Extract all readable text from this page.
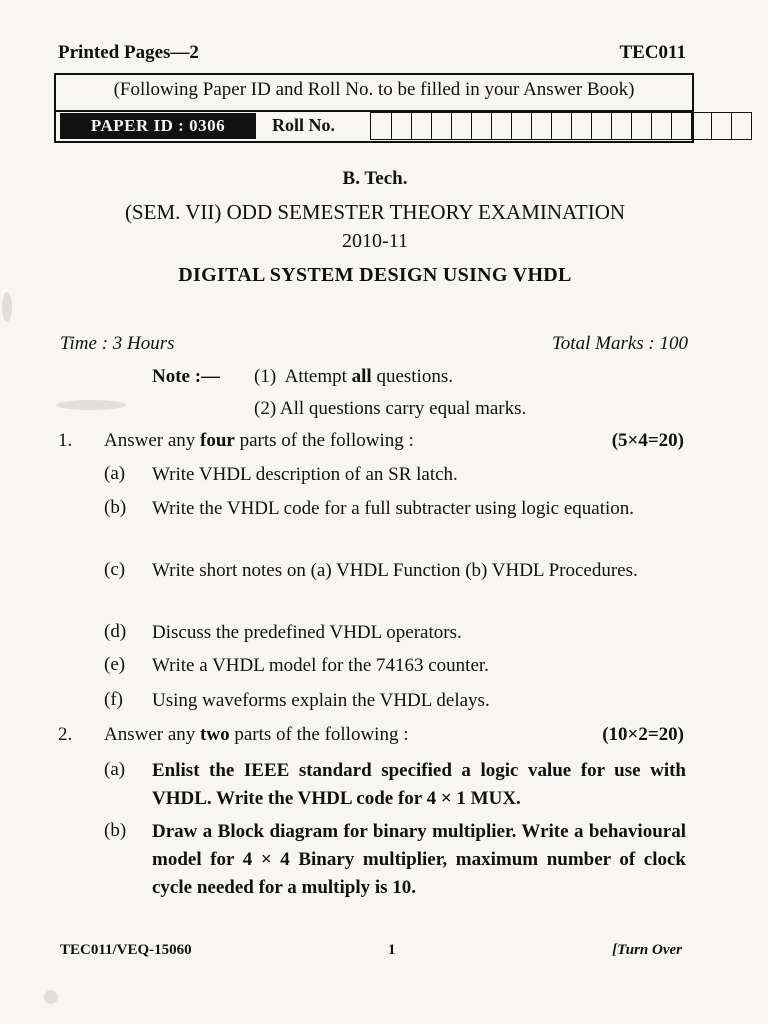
Printed Pages—2	TEC011
(Following Paper ID and Roll No. to be filled in your Answer Book)
PAPER ID : 0306	Roll No.
B. Tech.
(SEM. VII) ODD SEMESTER THEORY EXAMINATION
2010-11
DIGITAL SYSTEM DESIGN USING VHDL
Time : 3 Hours	Total Marks : 100
Note :— (1) Attempt all questions.
(2) All questions carry equal marks.
1. Answer any four parts of the following :	(5×4=20)
(a) Write VHDL description of an SR latch.
(b) Write the VHDL code for a full subtracter using logic equation.
(c) Write short notes on (a) VHDL Function (b) VHDL Procedures.
(d) Discuss the predefined VHDL operators.
(e) Write a VHDL model for the 74163 counter.
(f) Using waveforms explain the VHDL delays.
2. Answer any two parts of the following :	(10×2=20)
(a) Enlist the IEEE standard specified a logic value for use with VHDL. Write the VHDL code for 4 × 1 MUX.
(b) Draw a Block diagram for binary multiplier. Write a behavioural model for 4 × 4 Binary multiplier, maximum number of clock cycle needed for a multiply is 10.
TEC011/VEQ-15060	1	[Turn Over
